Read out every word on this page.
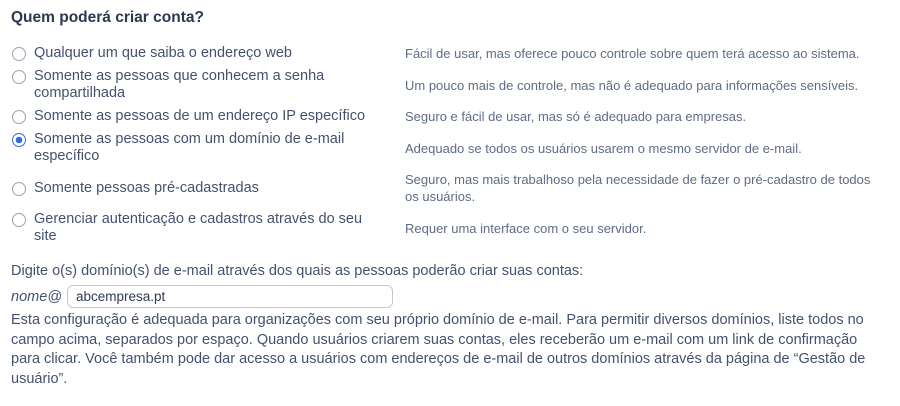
Quem poderá criar conta?
Qualquer um que saiba o endereço web	Fácil de usar, mas oferece pouco controle sobre quem terá acesso ao sistema.
Somente as pessoas que conhecem a senha compartilhada	Um pouco mais de controle, mas não é adequado para informações sensíveis.
Somente as pessoas de um endereço IP específico	Seguro e fácil de usar, mas só é adequado para empresas.
Somente as pessoas com um domínio de e-mail específico	Adequado se todos os usuários usarem o mesmo servidor de e-mail.
Somente pessoas pré-cadastradas	Seguro, mas mais trabalhoso pela necessidade de fazer o pré-cadastro de todos os usuários.
Gerenciar autenticação e cadastros através do seu site	Requer uma interface com o seu servidor.
Digite o(s) domínio(s) de e-mail através dos quais as pessoas poderão criar suas contas:
nome@
abcempresa.pt
Esta configuração é adequada para organizações com seu próprio domínio de e-mail. Para permitir diversos domínios, liste todos no campo acima, separados por espaço. Quando usuários criarem suas contas, eles receberão um e-mail com um link de confirmação para clicar. Você também pode dar acesso a usuários com endereços de e-mail de outros domínios através da página de “Gestão de usuário”.
